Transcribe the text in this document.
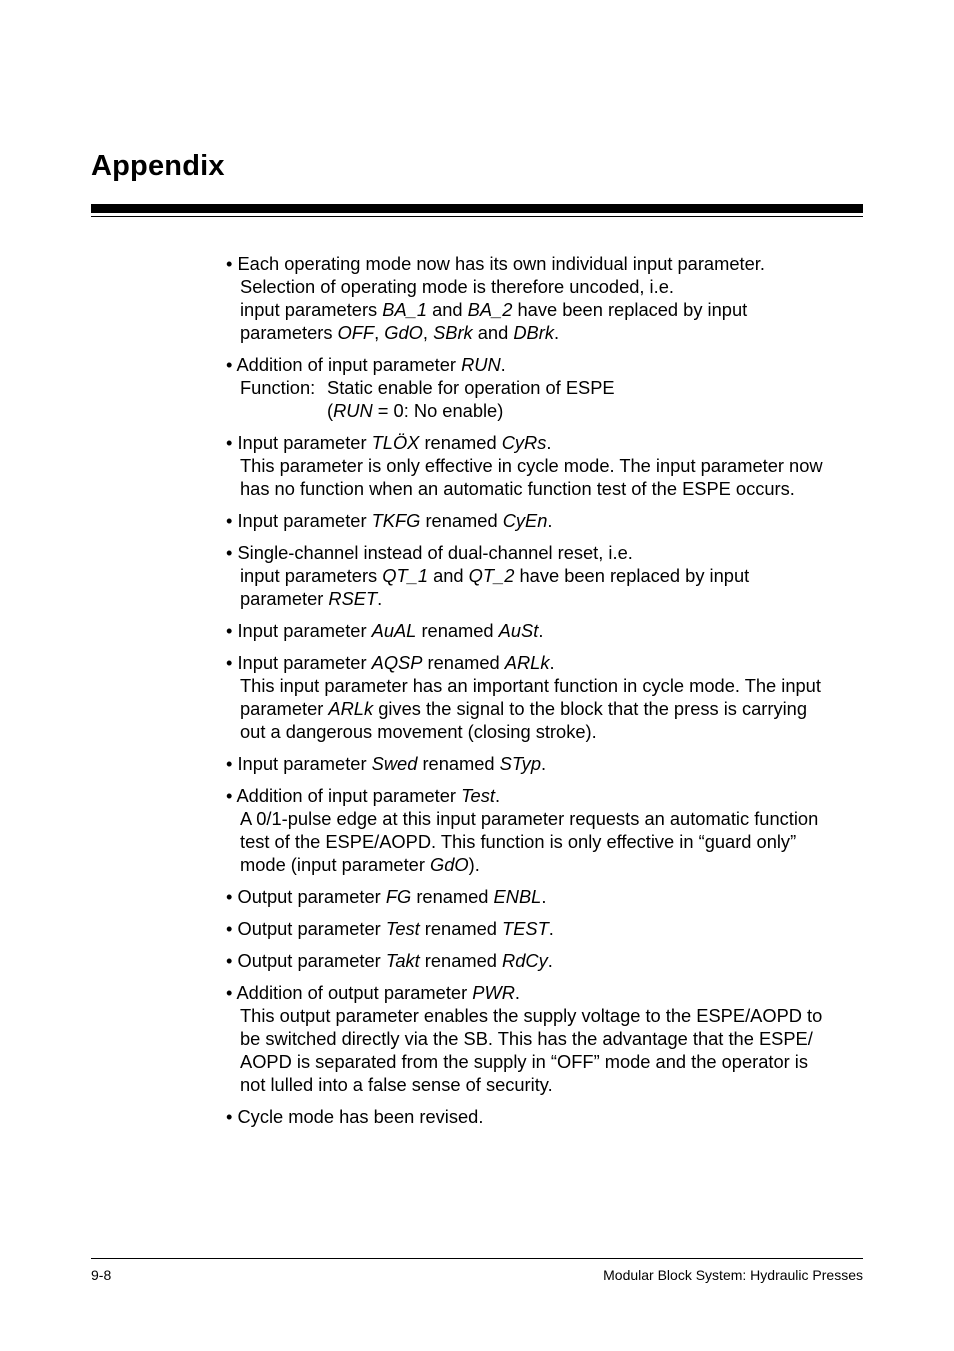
Appendix
• Each operating mode now has its own individual input parameter.
Selection of operating mode is therefore uncoded, i.e.
input parameters BA_1 and BA_2 have been replaced by input
parameters OFF, GdO, SBrk and DBrk.
• Addition of input parameter RUN.
Function: Static enable for operation of ESPE
(RUN = 0: No enable)
• Input parameter TLÖX renamed CyRs.
This parameter is only effective in cycle mode. The input parameter now
has no function when an automatic function test of the ESPE occurs.
• Input parameter TKFG renamed CyEn.
• Single-channel instead of dual-channel reset, i.e.
input parameters QT_1 and QT_2 have been replaced by input
parameter RSET.
• Input parameter AuAL renamed AuSt.
• Input parameter AQSP renamed ARLk.
This input parameter has an important function in cycle mode. The input
parameter ARLk gives the signal to the block that the press is carrying
out a dangerous movement (closing stroke).
• Input parameter Swed renamed STyp.
• Addition of input parameter Test.
A 0/1-pulse edge at this input parameter requests an automatic function
test of the ESPE/AOPD. This function is only effective in “guard only”
mode (input parameter GdO).
• Output parameter FG renamed ENBL.
• Output parameter Test renamed TEST.
• Output parameter Takt renamed RdCy.
• Addition of output parameter PWR.
This output parameter enables the supply voltage to the ESPE/AOPD to
be switched directly via the SB. This has the advantage that the ESPE/
AOPD is separated from the supply in “OFF” mode and the operator is
not lulled into a false sense of security.
• Cycle mode has been revised.
9-8	Modular Block System: Hydraulic Presses
